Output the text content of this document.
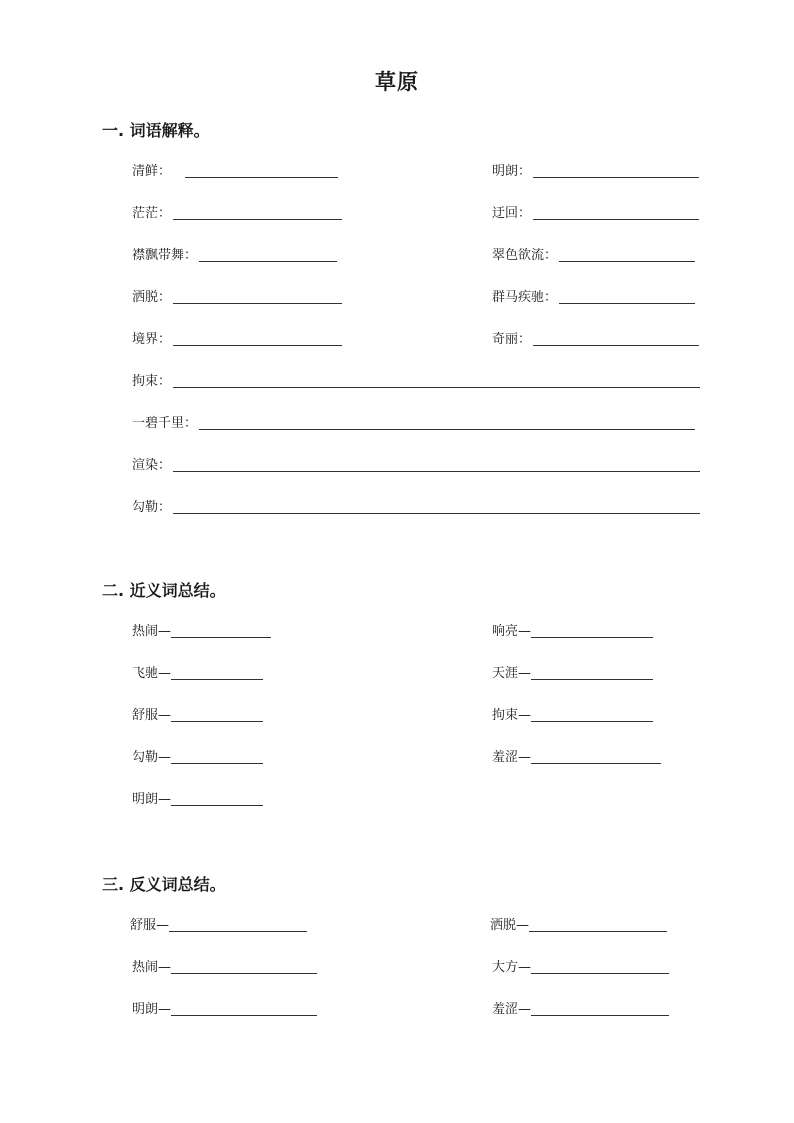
草原
一. 词语解释。
清鲜：	明朗：
茫茫：	迂回：
襟飘带舞：	翠色欲流：
洒脱：	群马疾驰：
境界：	奇丽：
拘束：
一碧千里：
渲染：
勾勒：
二. 近义词总结。
热闹—	响亮—
飞驰—	天涯—
舒服—	拘束—
勾勒—	羞涩—
明朗—
三. 反义词总结。
舒服—	洒脱—
热闹—	大方—
明朗—	羞涩—
